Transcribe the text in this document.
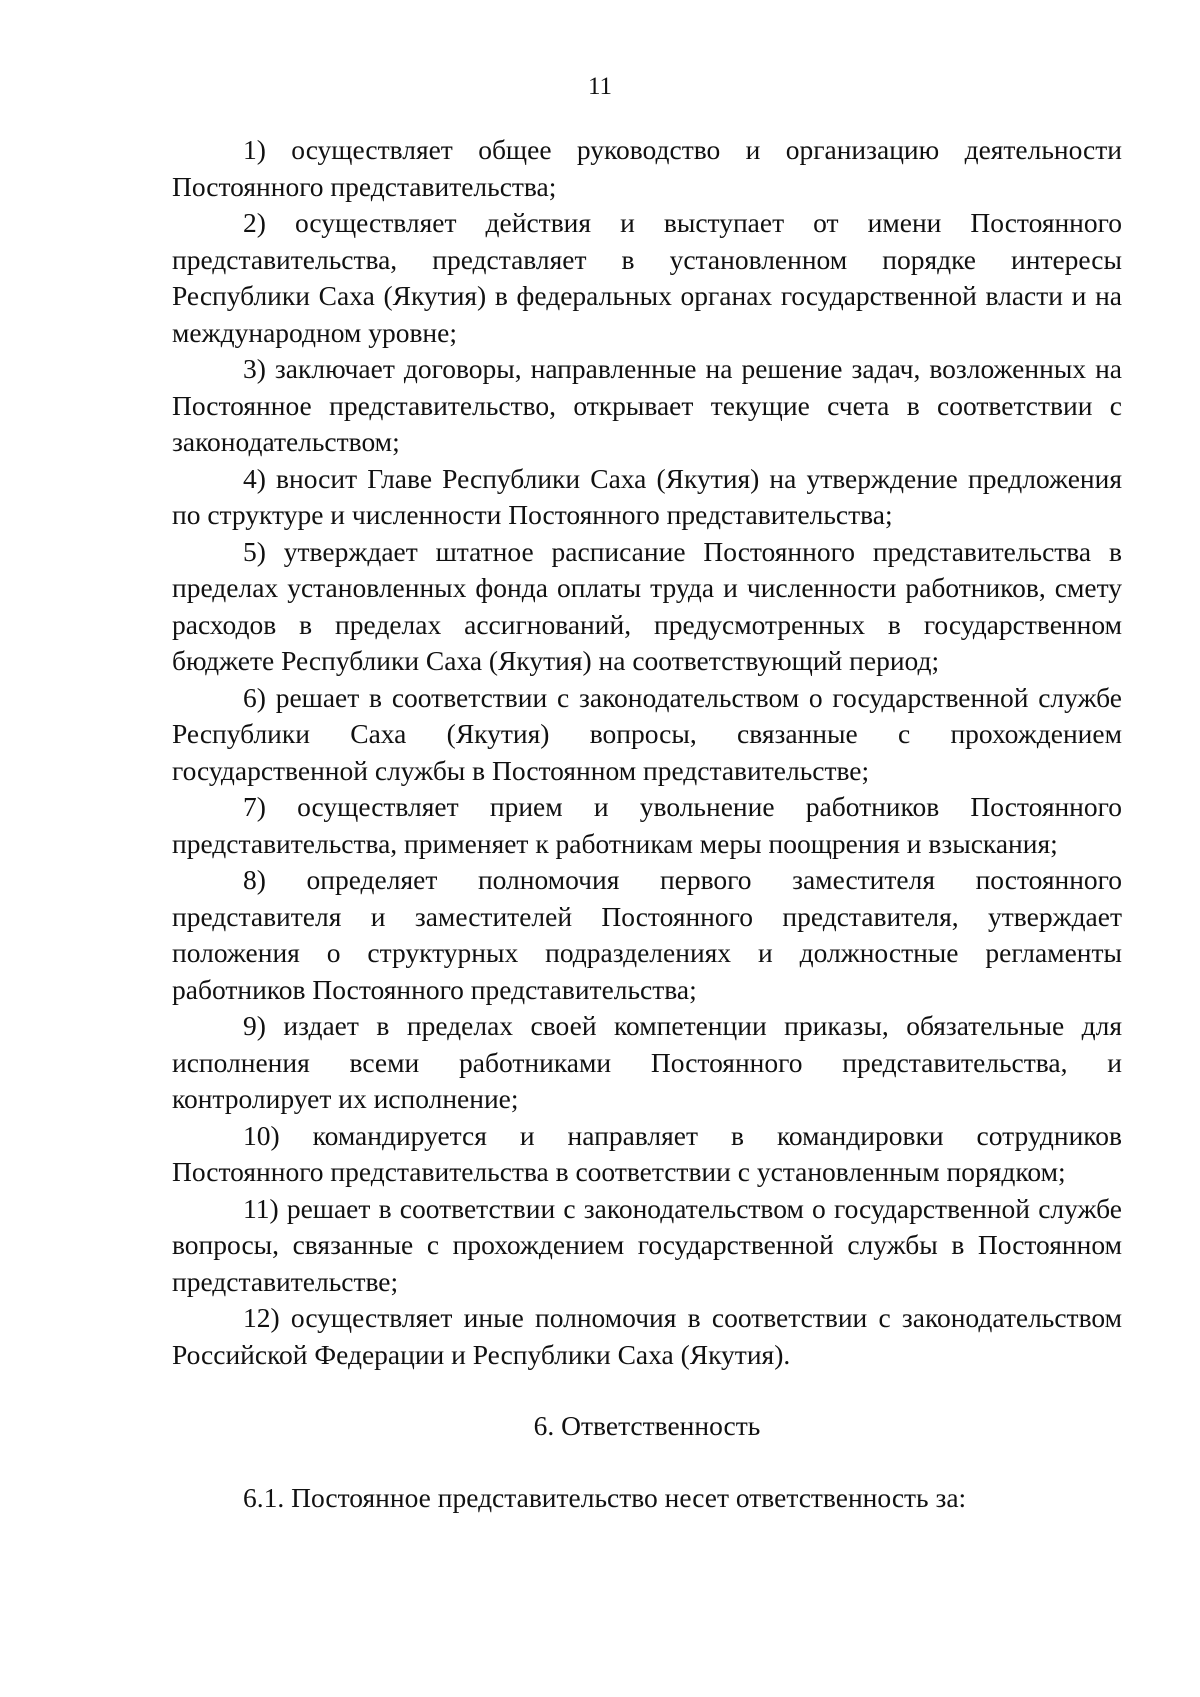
11

1) осуществляет общее руководство и организацию деятельности Постоянного представительства;

2) осуществляет действия и выступает от имени Постоянного представительства, представляет в установленном порядке интересы Республики Саха (Якутия) в федеральных органах государственной власти и на международном уровне;

3) заключает договоры, направленные на решение задач, возложенных на Постоянное представительство, открывает текущие счета в соответствии с законодательством;

4) вносит Главе Республики Саха (Якутия) на утверждение предложения по структуре и численности Постоянного представительства;

5) утверждает штатное расписание Постоянного представительства в пределах установленных фонда оплаты труда и численности работников, смету расходов в пределах ассигнований, предусмотренных в государственном бюджете Республики Саха (Якутия) на соответствующий период;

6) решает в соответствии с законодательством о государственной службе Республики Саха (Якутия) вопросы, связанные с прохождением государственной службы в Постоянном представительстве;

7) осуществляет прием и увольнение работников Постоянного представительства, применяет к работникам меры поощрения и взыскания;

8) определяет полномочия первого заместителя постоянного представителя и заместителей Постоянного представителя, утверждает положения о структурных подразделениях и должностные регламенты работников Постоянного представительства;

9) издает в пределах своей компетенции приказы, обязательные для исполнения всеми работниками Постоянного представительства, и контролирует их исполнение;

10) командируется и направляет в командировки сотрудников Постоянного представительства в соответствии с установленным порядком;

11) решает в соответствии с законодательством о государственной службе вопросы, связанные с прохождением государственной службы в Постоянном представительстве;

12) осуществляет иные полномочия в соответствии с законодательством Российской Федерации и Республики Саха (Якутия).

6. Ответственность

6.1. Постоянное представительство несет ответственность за:
